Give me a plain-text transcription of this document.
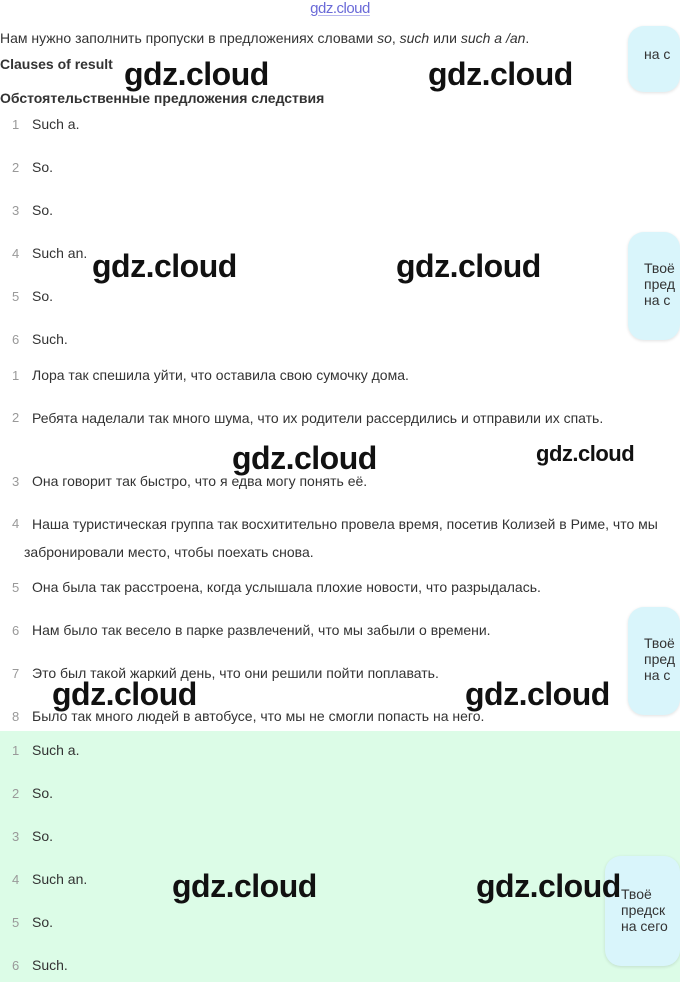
gdz.cloud
Нам нужно заполнить пропуски в предложениях словами so, such или such a /an.
Clauses of result
Обстоятельственные предложения следствия
1 Such a.
2 So.
3 So.
4 Such an.
5 So.
6 Such.
1 Лора так спешила уйти, что оставила свою сумочку дома.
2 Ребята наделали так много шума, что их родители рассердились и отправили их спать.
3 Она говорит так быстро, что я едва могу понять её.
4 Наша туристическая группа так восхитительно провела время, посетив Колизей в Риме, что мы забронировали место, чтобы поехать снова.
5 Она была так расстроена, когда услышала плохие новости, что разрыдалась.
6 Нам было так весело в парке развлечений, что мы забыли о времени.
7 Это был такой жаркий день, что они решили пойти поплавать.
8 Было так много людей в автобусе, что мы не смогли попасть на него.
1 Such a.
2 So.
3 So.
4 Such an.
5 So.
6 Such.
на с
Твоё
пред
на с
Твоё
пред
на с
Твоё
предск
на сего
gdz.cloud	gdz.cloud
gdz.cloud	gdz.cloud
gdz.cloud	gdz.cloud
gdz.cloud	gdz.cloud
gdz.cloud	gdz.cloud
